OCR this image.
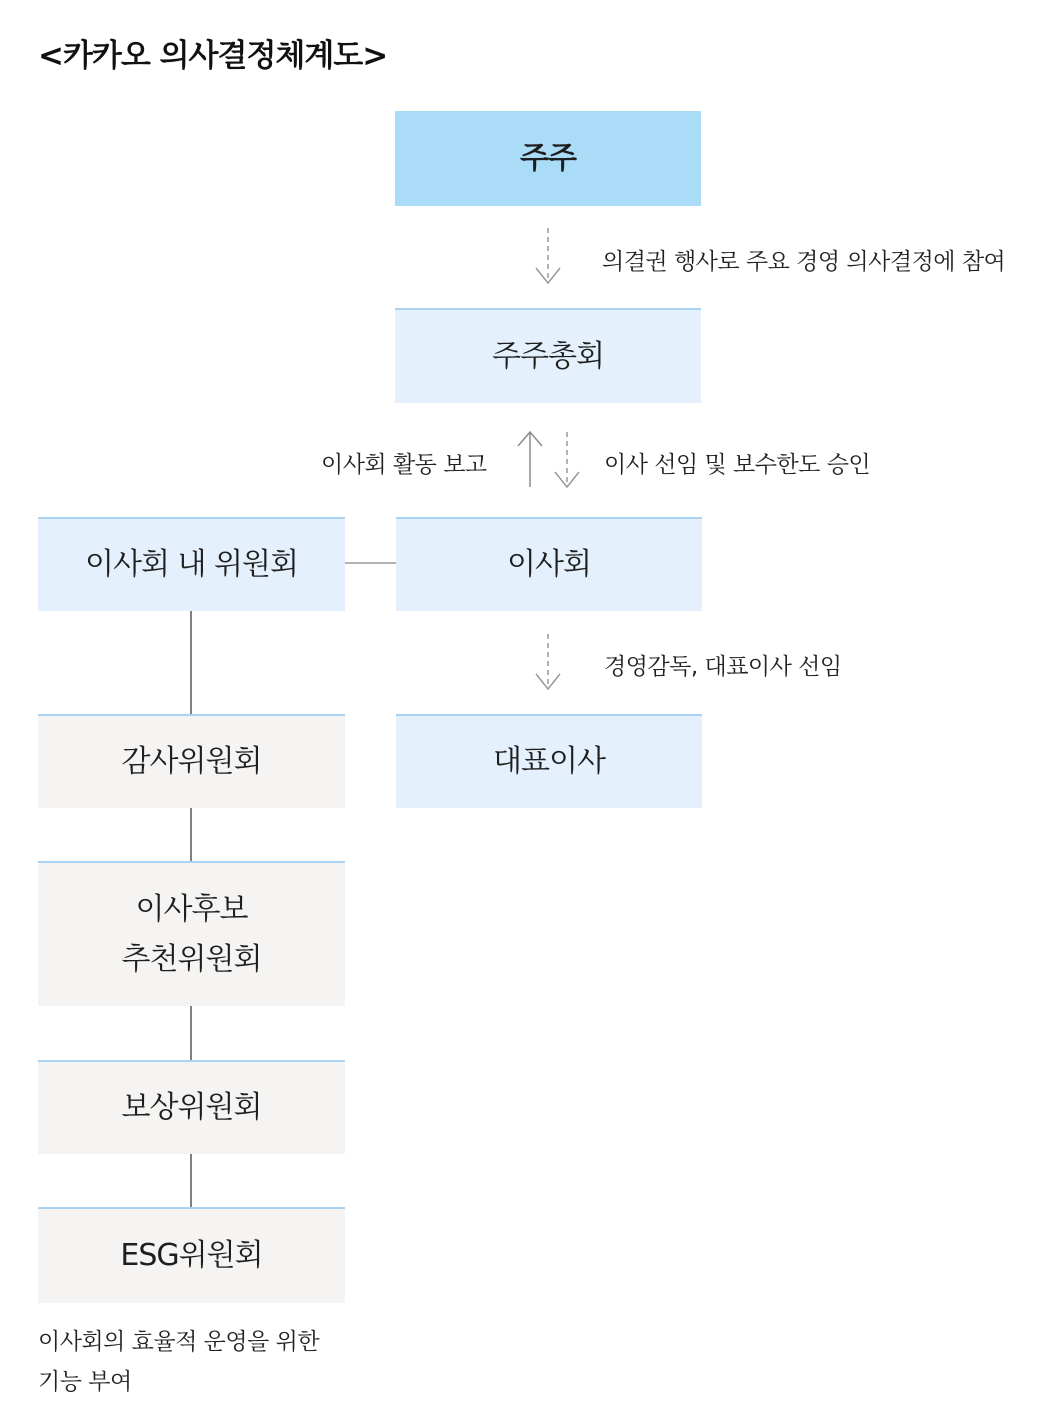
<카카오 의사결정체계도>
주주
의결권 행사로 주요 경영 의사결정에 참여
주주총회
이사회 활동 보고	이사 선임 및 보수한도 승인
이사회 내 위원회	이사회
경영감독, 대표이사 선임
대표이사
감사위원회
이사후보
추천위원회
보상위원회
ESG위원회
이사회의 효율적 운영을 위한
기능 부여
